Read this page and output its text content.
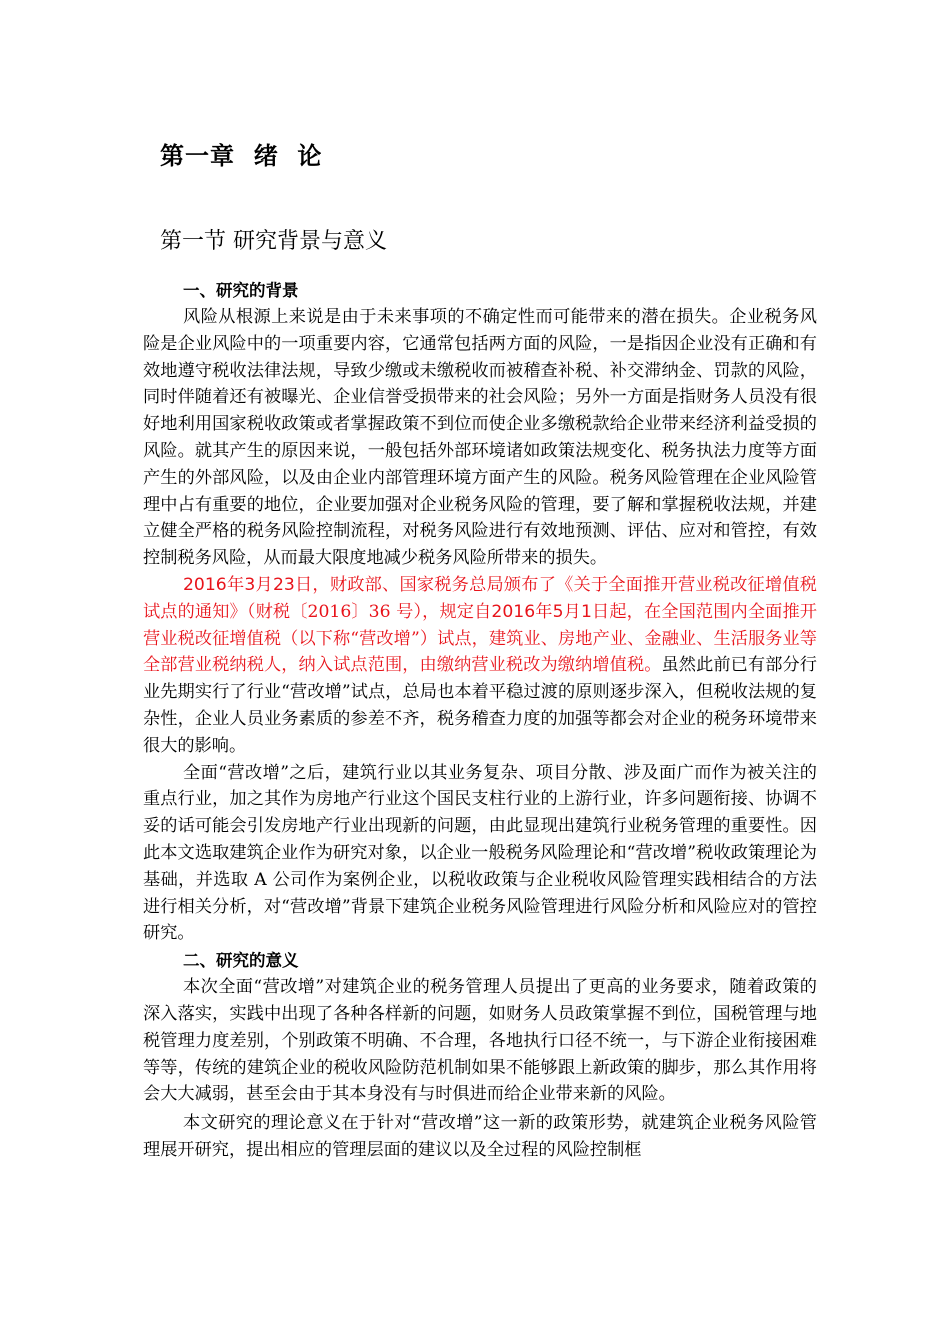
第一章  绪  论
第一节 研究背景与意义
一、研究的背景

风险从根源上来说是由于未来事项的不确定性而可能带来的潜在损失。企业税务风险是企业风险中的一项重要内容，它通常包括两方面的风险，一是指因企业没有正确和有效地遵守税收法律法规，导致少缴或未缴税收而被稽查补税、补交滞纳金、罚款的风险，同时伴随着还有被曝光、企业信誉受损带来的社会风险；另外一方面是指财务人员没有很好地利用国家税收政策或者掌握政策不到位而使企业多缴税款给企业带来经济利益受损的风险。就其产生的原因来说，一般包括外部环境诸如政策法规变化、税务执法力度等方面产生的外部风险，以及由企业内部管理环境方面产生的风险。税务风险管理在企业风险管理中占有重要的地位，企业要加强对企业税务风险的管理，要了解和掌握税收法规，并建立健全严格的税务风险控制流程，对税务风险进行有效地预测、评估、应对和管控，有效控制税务风险，从而最大限度地减少税务风险所带来的损失。

2016年3月23日，财政部、国家税务总局颁布了《关于全面推开营业税改征增值税试点的通知》（财税〔2016〕36 号），规定自2016年5月1日起，在全国范围内全面推开营业税改征增值税（以下称“营改增”）试点，建筑业、房地产业、金融业、生活服务业等全部营业税纳税人，纳入试点范围，由缴纳营业税改为缴纳增值税。虽然此前已有部分行业先期实行了行业“营改增”试点，总局也本着平稳过渡的原则逐步深入，但税收法规的复杂性，企业人员业务素质的参差不齐，税务稽查力度的加强等都会对企业的税务环境带来很大的影响。

全面“营改增”之后，建筑行业以其业务复杂、项目分散、涉及面广而作为被关注的重点行业，加之其作为房地产行业这个国民支柱行业的上游行业，许多问题衔接、协调不妥的话可能会引发房地产行业出现新的问题，由此显现出建筑行业税务管理的重要性。因此本文选取建筑企业作为研究对象，以企业一般税务风险理论和“营改增”税收政策理论为基础，并选取 A 公司作为案例企业，以税收政策与企业税收风险管理实践相结合的方法进行相关分析，对“营改增”背景下建筑企业税务风险管理进行风险分析和风险应对的管控研究。

二、研究的意义

本次全面“营改增”对建筑企业的税务管理人员提出了更高的业务要求，随着政策的深入落实，实践中出现了各种各样新的问题，如财务人员政策掌握不到位，国税管理与地税管理力度差别，个别政策不明确、不合理，各地执行口径不统一，与下游企业衔接困难等等，传统的建筑企业的税收风险防范机制如果不能够跟上新政策的脚步，那么其作用将会大大减弱，甚至会由于其本身没有与时俱进而给企业带来新的风险。

本文研究的理论意义在于针对“营改增”这一新的政策形势，就建筑企业税务风险管理展开研究，提出相应的管理层面的建议以及全过程的风险控制框
